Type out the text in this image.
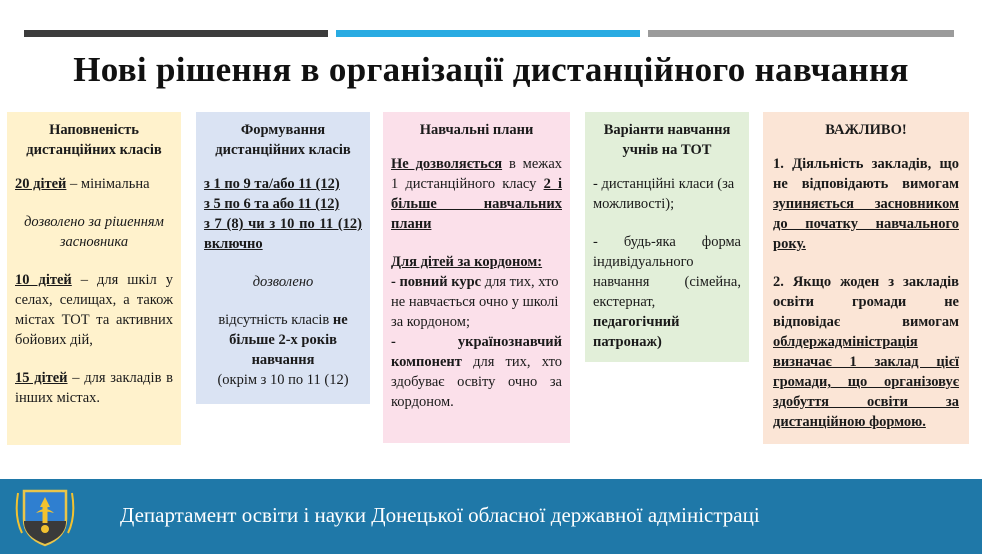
Нові рішення в організації дистанційного навчання

Наповненість дистанційних класів

20 дітей – мінімальна

дозволено за рішенням засновника

10 дітей – для шкіл у селах, селищах, а також містах ТОТ та активних бойових дій,

15 дітей – для закладів в інших містах.

Формування дистанційних класів

з 1 по 9 та/або 11 (12)

з 5 по 6 та або 11 (12)

з 7 (8) чи з 10 по 11 (12) включно

дозволено

відсутність класів не більше 2-х років навчання

(окрім з 10 по 11 (12)

Навчальні плани

Не дозволяється в межах 1 дистанційного класу 2 і більше навчальних плани

Для дітей за кордоном:

- повний курс для тих, хто не навчається очно у школі за кордоном;

- українознавчий компонент для тих, хто здобуває освіту очно за кордоном.

Варіанти навчання учнів на ТОТ

- дистанційні класи (за можливості);

- будь-яка форма індивідуального навчання (сімейна, екстернат, педагогічний патронаж)

ВАЖЛИВО!

1. Діяльність закладів, що не відповідають вимогам зупиняється засновником до початку навчального року.

2. Якщо жоден з закладів освіти громади не відповідає вимогам облдержадміністрація визначає 1 заклад цієї громади, що організовує здобуття освіти за дистанційною формою.

Департамент освіти і науки Донецької обласної державної адміністраці
